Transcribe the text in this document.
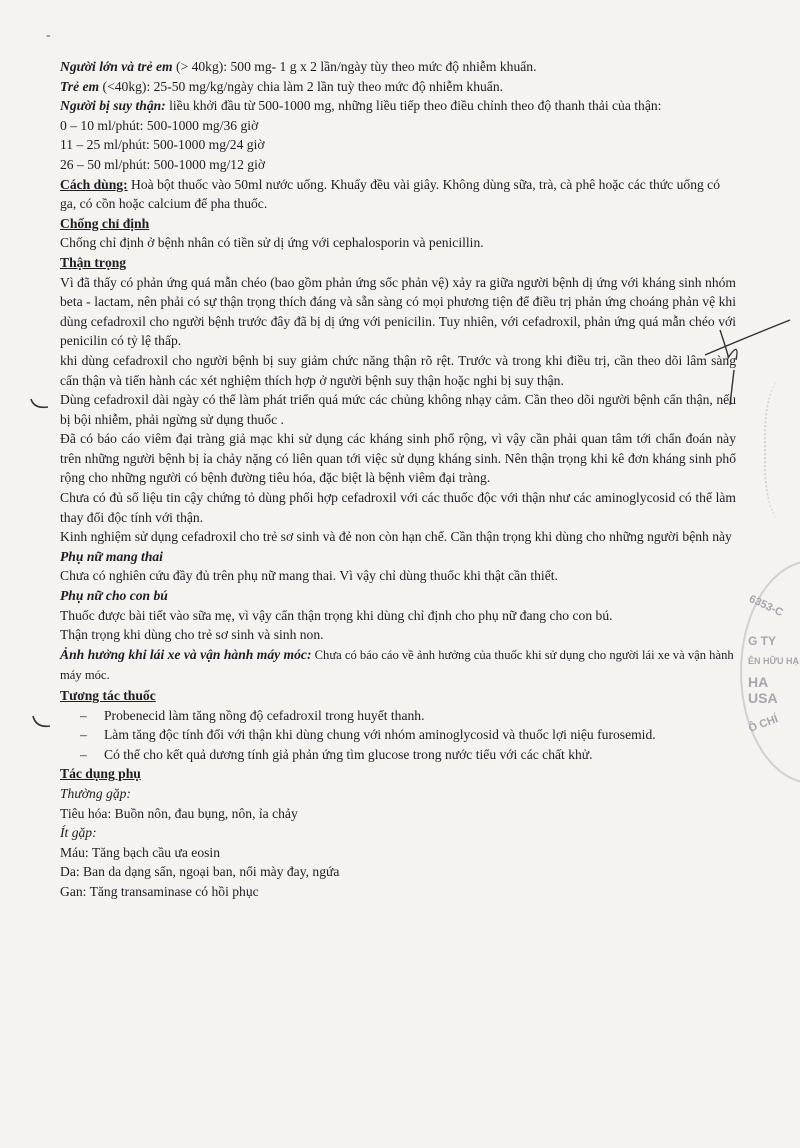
-
6353-C
G TY
ÊN HỮU HẠ
HA USA
Ô CHÍ

Người lớn và trẻ em (> 40kg): 500 mg- 1 g x 2 lần/ngày tùy theo mức độ nhiễm khuẩn.

Trẻ em (<40kg): 25-50 mg/kg/ngày chia làm 2 lần tuỳ theo mức độ nhiễm khuẩn.

Người bị suy thận: liều khởi đầu từ 500-1000 mg, những liều tiếp theo điều chỉnh theo độ thanh thải của thận:

0 – 10 ml/phút: 500-1000 mg/36 giờ

11 – 25 ml/phút: 500-1000 mg/24 giờ

26 – 50 ml/phút: 500-1000 mg/12 giờ

Cách dùng: Hoà bột thuốc vào 50ml nước uống. Khuấy đều vài giây. Không dùng sữa, trà, cà phê hoặc các thức uống có ga, có cồn hoặc calcium để pha thuốc.

Chống chỉ định

Chống chỉ định ở bệnh nhân có tiền sử dị ứng với cephalosporin và penicillin.

Thận trọng

Vì đã thấy có phản ứng quá mẫn chéo (bao gồm phản ứng sốc phản vệ) xảy ra giữa người bệnh dị ứng với kháng sinh nhóm beta - lactam, nên phải có sự thận trọng thích đáng và sẵn sàng có mọi phương tiện để điều trị phản ứng choáng phản vệ khi dùng cefadroxil cho người bệnh trước đây đã bị dị ứng với penicilin. Tuy nhiên, với cefadroxil, phản ứng quá mẫn chéo với penicilin có tỷ lệ thấp.

khi dùng cefadroxil cho người bệnh bị suy giảm chức năng thận rõ rệt. Trước và trong khi điều trị, cần theo dõi lâm sàng cẩn thận và tiến hành các xét nghiệm thích hợp ở người bệnh suy thận hoặc nghi bị suy thận.

Dùng cefadroxil dài ngày có thể làm phát triển quá mức các chủng không nhạy cảm. Cần theo dõi người bệnh cẩn thận, nếu bị bội nhiễm, phải ngừng sử dụng thuốc .

Đã có báo cáo viêm đại tràng giả mạc khi sử dụng các kháng sinh phổ rộng, vì vậy cần phải quan tâm tới chẩn đoán này trên những người bệnh bị ỉa chảy nặng có liên quan tới việc sử dụng kháng sinh. Nên thận trọng khi kê đơn kháng sinh phổ rộng cho những người có bệnh đường tiêu hóa, đặc biệt là bệnh viêm đại tràng.

Chưa có đủ số liệu tin cậy chứng tỏ dùng phối hợp cefadroxil với các thuốc độc với thận như các aminoglycosid có thể làm thay đổi độc tính với thận.

Kinh nghiệm sử dụng cefadroxil cho trẻ sơ sinh và đẻ non còn hạn chế. Cần thận trọng khi dùng cho những người bệnh này

Phụ nữ mang thai

Chưa có nghiên cứu đầy đủ trên phụ nữ mang thai. Vì vậy chỉ dùng thuốc khi thật cần thiết.

Phụ nữ cho con bú

Thuốc được bài tiết vào sữa mẹ, vì vậy cẩn thận trọng khi dùng chỉ định cho phụ nữ đang cho con bú.

Thận trọng khi dùng cho trẻ sơ sinh và sinh non.

Ảnh hưởng khi lái xe và vận hành máy móc: Chưa có báo cáo về ảnh hưởng của thuốc khi sử dụng cho người lái xe và vận hành máy móc.

Tương tác thuốc

– Probenecid làm tăng nồng độ cefadroxil trong huyết thanh.
– Làm tăng độc tính đối với thận khi dùng chung với nhóm aminoglycosid và thuốc lợi niệu furosemid.
– Có thể cho kết quả dương tính giả phản ứng tìm glucose trong nước tiểu với các chất khử.

Tác dụng phụ

Thường gặp:

Tiêu hóa: Buồn nôn, đau bụng, nôn, ỉa chảy

Ít gặp:

Máu: Tăng bạch cầu ưa eosin

Da: Ban da dạng sẩn, ngoại ban, nổi mày đay, ngứa

Gan: Tăng transaminase có hồi phục
